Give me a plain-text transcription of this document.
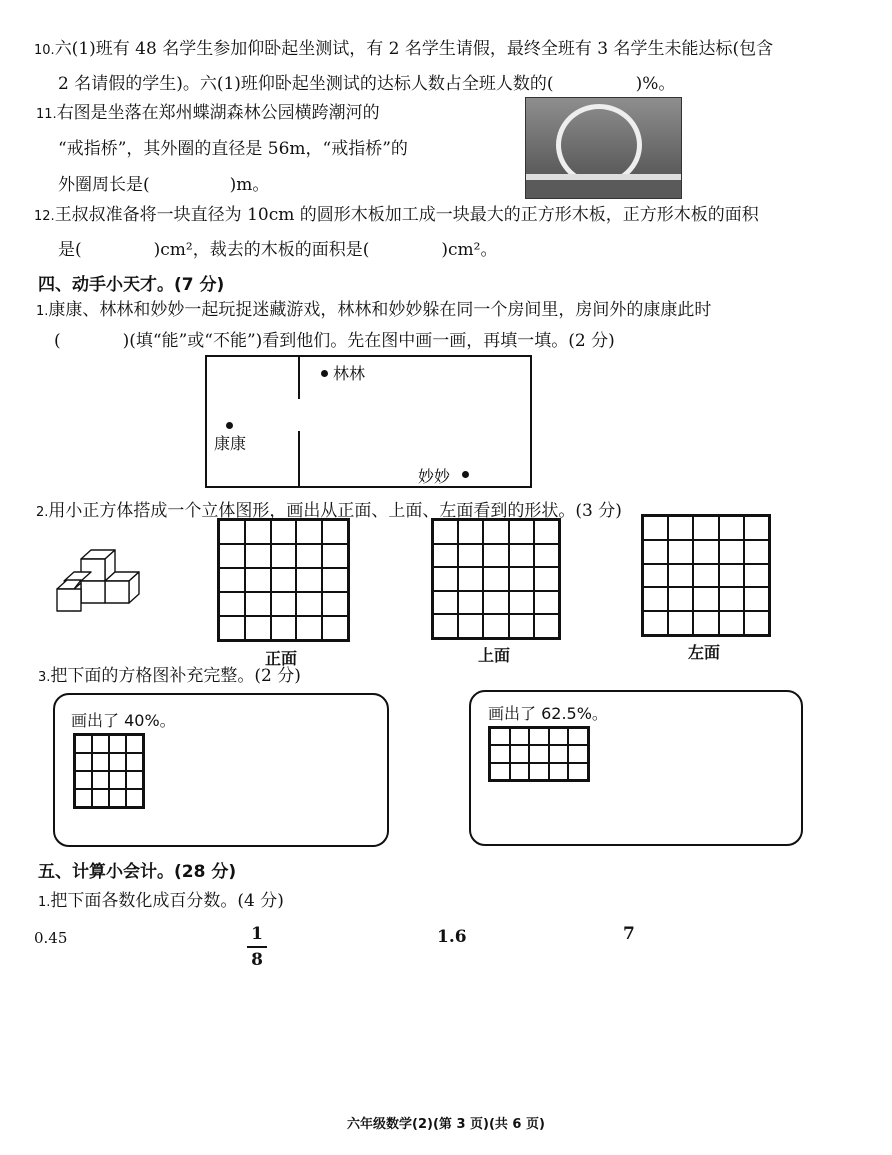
10.六(1)班有 48 名学生参加仰卧起坐测试，有 2 名学生请假，最终全班有 3 名学生未能达标(包含
2 名请假的学生)。六(1)班仰卧起坐测试的达标人数占全班人数的(	)%。
11.右图是坐落在郑州蝶湖森林公园横跨潮河的
“戒指桥”，其外圈的直径是 56m，“戒指桥”的
外圈周长是(	)m。
12.王叔叔准备将一块直径为 10cm 的圆形木板加工成一块最大的正方形木板，正方形木板的面积
是(	)cm²，裁去的木板的面积是(	)cm²。
四、动手小天才。(7 分)
1.康康、林林和妙妙一起玩捉迷藏游戏，林林和妙妙躲在同一个房间里，房间外的康康此时
(	)(填“能”或“不能”)看到他们。先在图中画一画，再填一填。(2 分)
林林
康康
妙妙
2.用小正方体搭成一个立体图形，画出从正面、上面、左面看到的形状。(3 分)
正面	上面	左面
3.把下面的方格图补充完整。(2 分)
画出了 40%。	画出了 62.5%。
五、计算小会计。(28 分)
1.把下面各数化成百分数。(4 分)
0.45	1
8
1.6	7
六年级数学(2)(第 3 页)(共 6 页)
